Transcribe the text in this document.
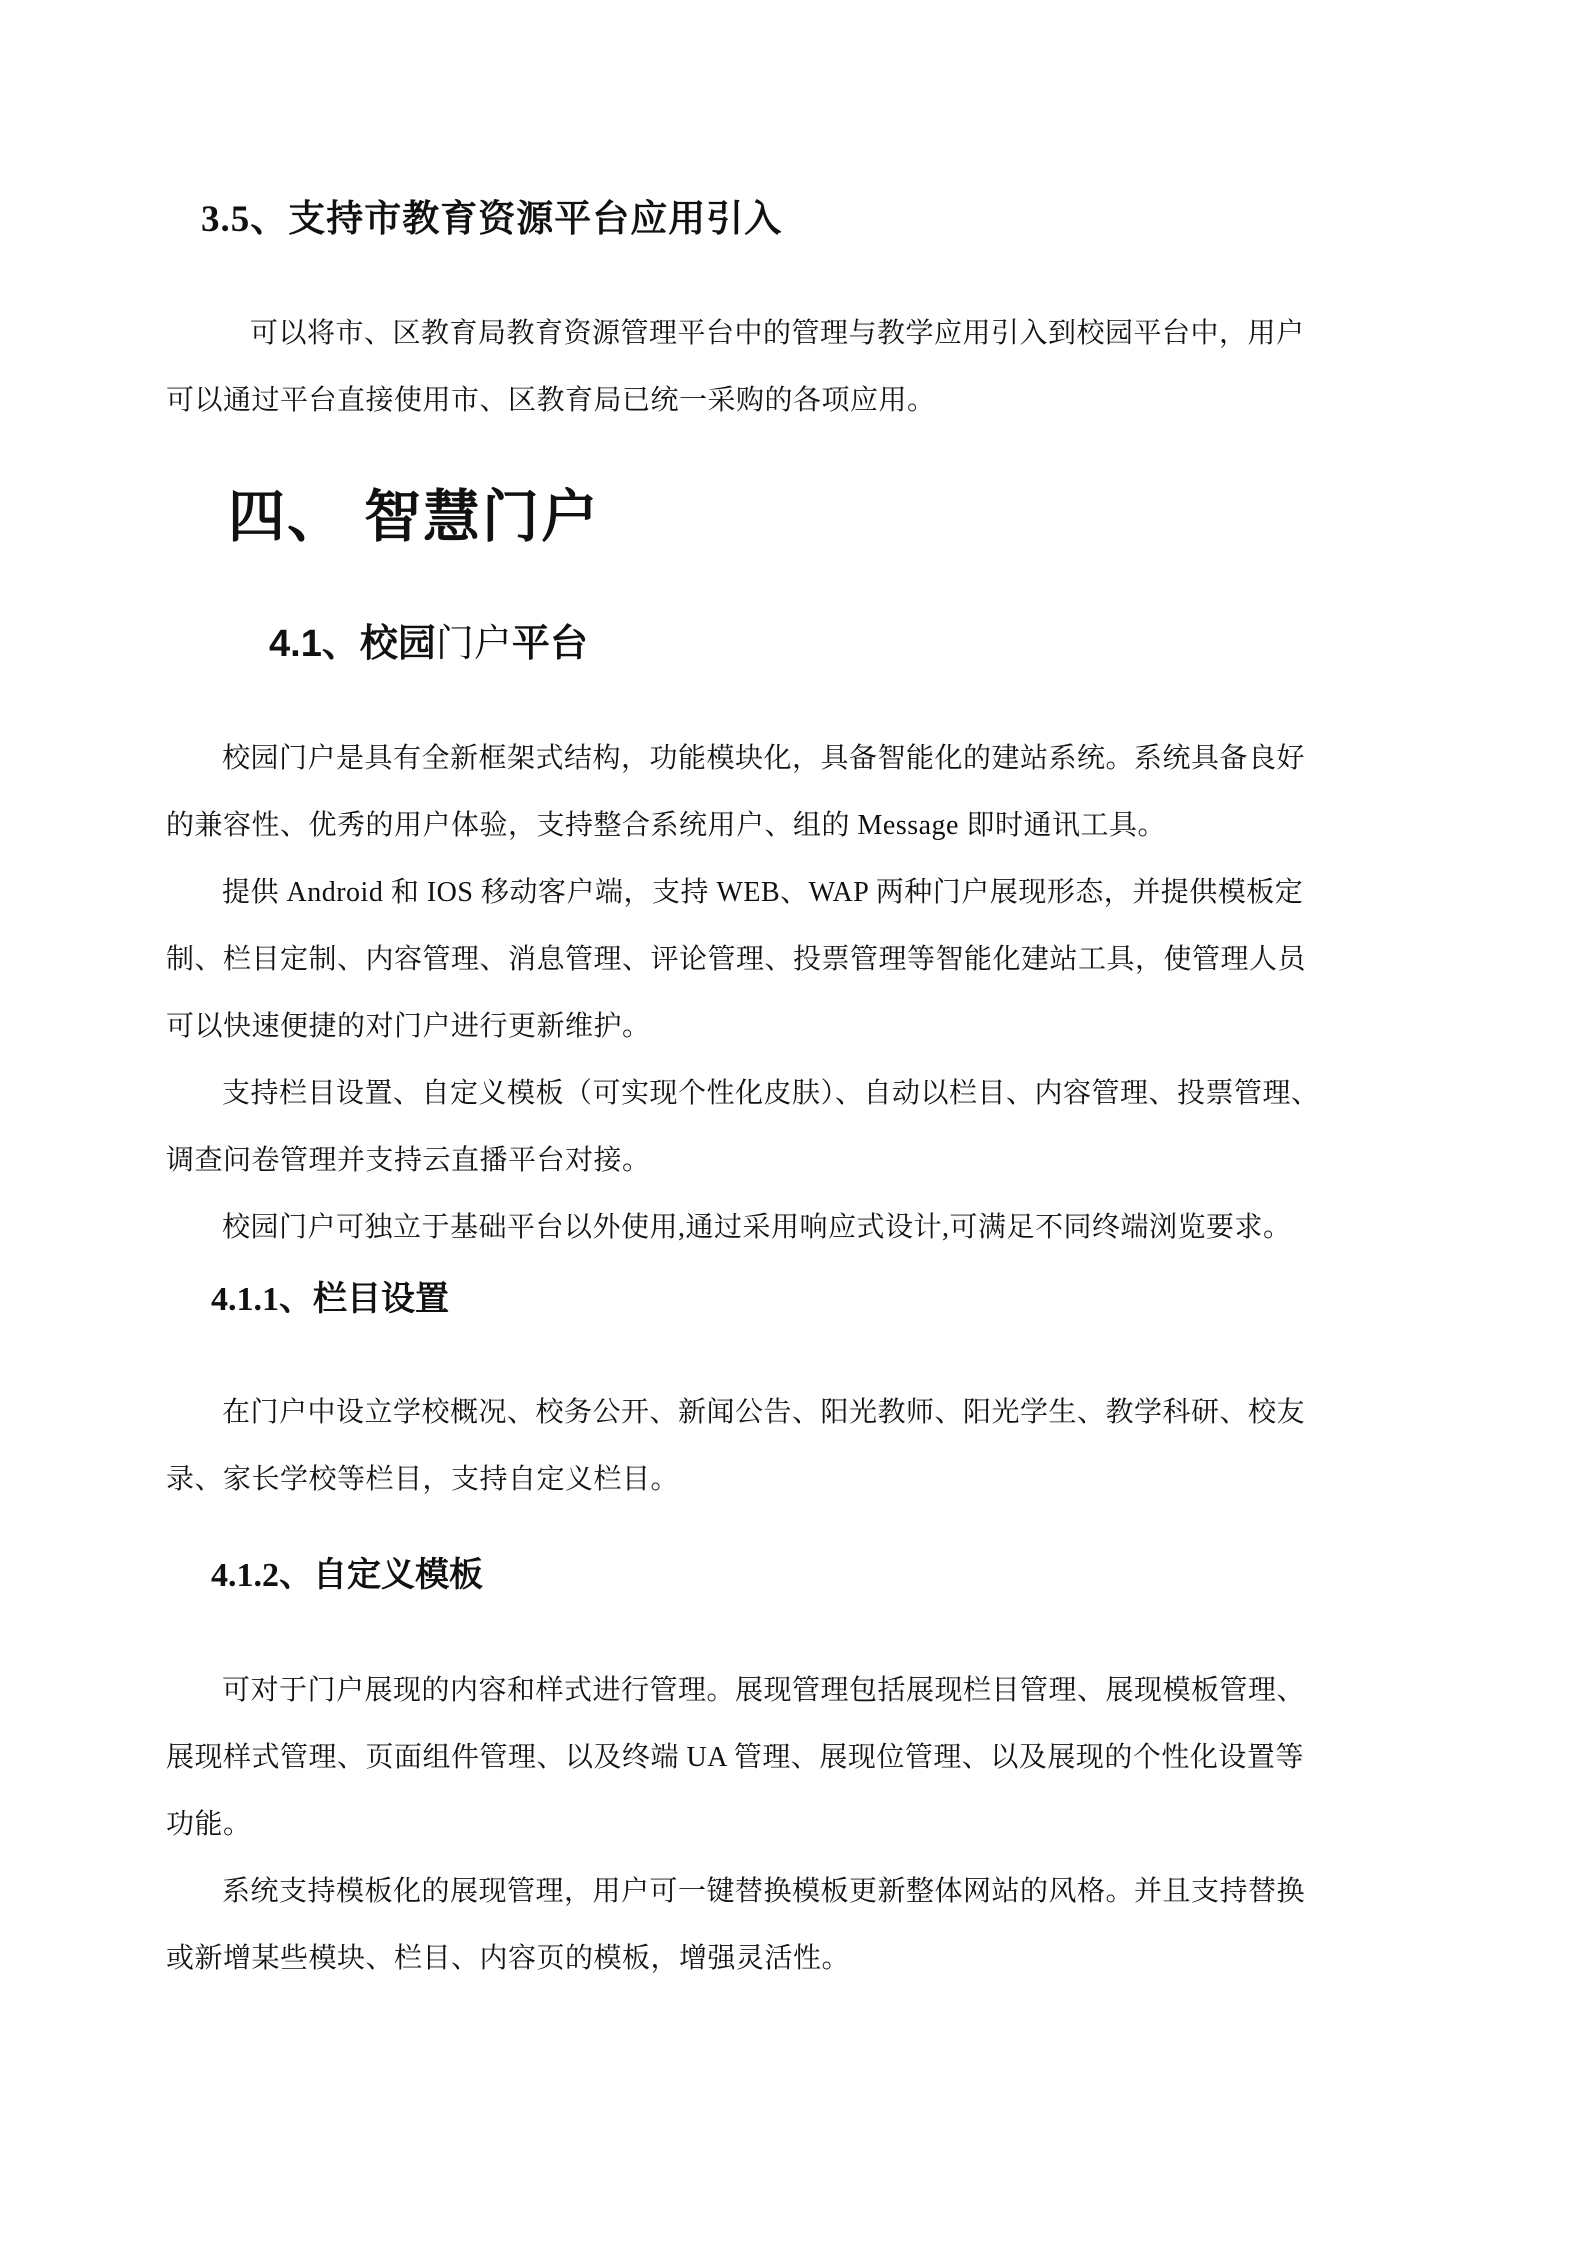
3.5、支持市教育资源平台应用引入
可以将市、区教育局教育资源管理平台中的管理与教学应用引入到校园平台中，用户
可以通过平台直接使用市、区教育局已统一采购的各项应用。
四、 智慧门户
4.1、校园门户平台
校园门户是具有全新框架式结构，功能模块化，具备智能化的建站系统。系统具备良好
的兼容性、优秀的用户体验，支持整合系统用户、组的 Message 即时通讯工具。
提供 Android 和 IOS 移动客户端，支持 WEB、WAP 两种门户展现形态，并提供模板定
制、栏目定制、内容管理、消息管理、评论管理、投票管理等智能化建站工具，使管理人员
可以快速便捷的对门户进行更新维护。
支持栏目设置、自定义模板（可实现个性化皮肤）、自动以栏目、内容管理、投票管理、
调查问卷管理并支持云直播平台对接。
校园门户可独立于基础平台以外使用,通过采用响应式设计,可满足不同终端浏览要求。
4.1.1、栏目设置
在门户中设立学校概况、校务公开、新闻公告、阳光教师、阳光学生、教学科研、校友
录、家长学校等栏目，支持自定义栏目。
4.1.2、自定义模板
可对于门户展现的内容和样式进行管理。展现管理包括展现栏目管理、展现模板管理、
展现样式管理、页面组件管理、以及终端 UA 管理、展现位管理、以及展现的个性化设置等
功能。
系统支持模板化的展现管理，用户可一键替换模板更新整体网站的风格。并且支持替换
或新增某些模块、栏目、内容页的模板，增强灵活性。
